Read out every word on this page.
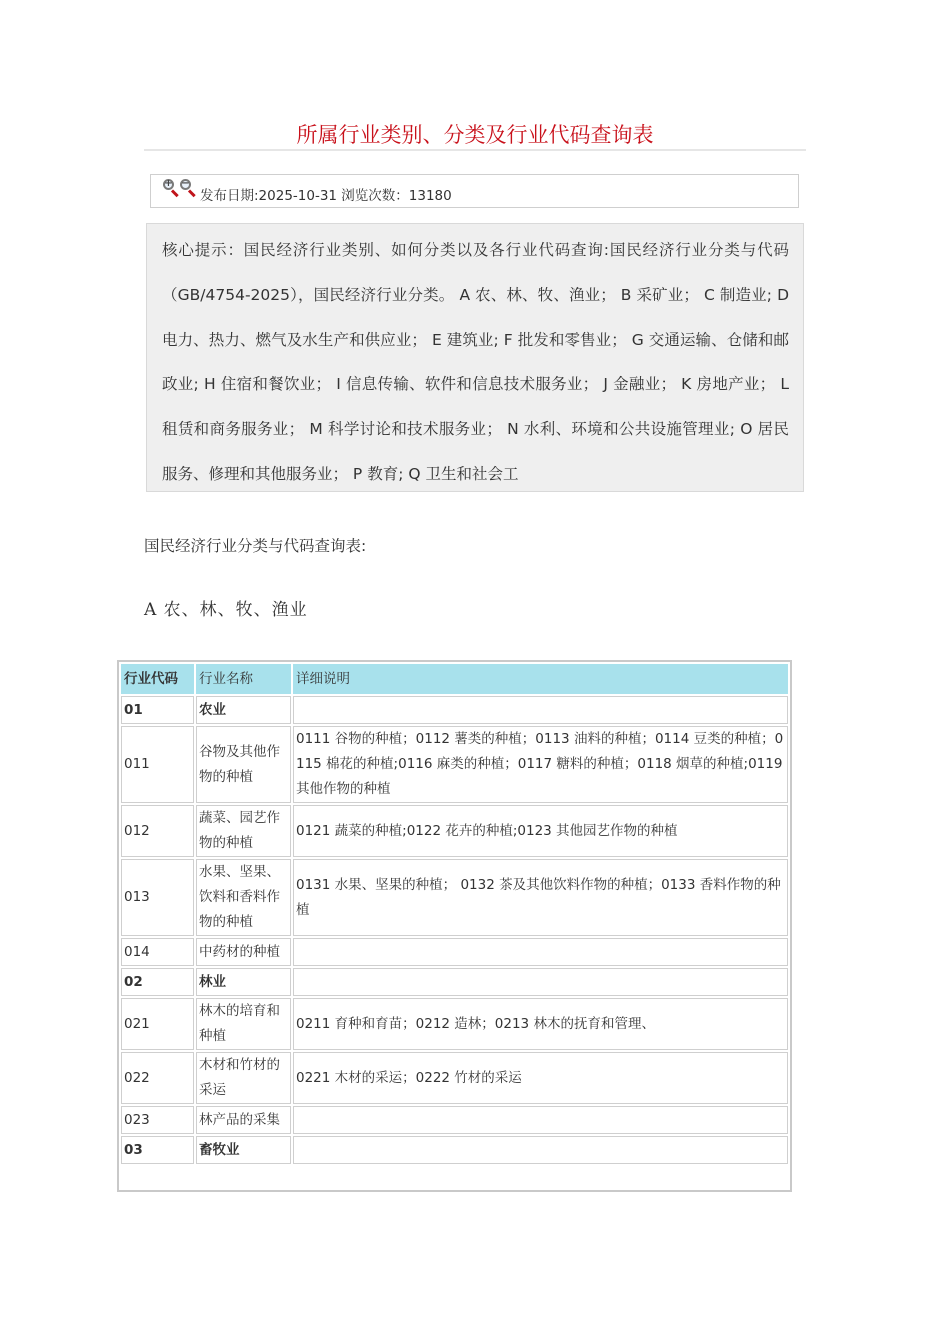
所属行业类别、分类及行业代码查询表
+ −
发布日期:2025-10-31 浏览次数：13180
核心提示：国民经济行业类别、如何分类以及各行业代码查询:国民经济行业分类与代码（GB/4754-2025），国民经济行业分类。 A 农、林、牧、渔业； B 采矿业； C 制造业; D 电力、热力、燃气及水生产和供应业； E 建筑业; F 批发和零售业； G 交通运输、仓储和邮政业; H 住宿和餐饮业； I 信息传输、软件和信息技术服务业； J 金融业； K 房地产业； L 租赁和商务服务业； M 科学讨论和技术服务业； N 水利、环境和公共设施管理业; O 居民服务、修理和其他服务业； P 教育; Q 卫生和社会工
国民经济行业分类与代码查询表:
A 农、林、牧、渔业
行业代码	行业名称	详细说明
01	农业	
011	谷物及其他作物的种植	0111 谷物的种植；0112 薯类的种植；0113 油料的种植；0114 豆类的种植；0115 棉花的种植;0116 麻类的种植；0117 糖料的种植；0118 烟草的种植;0119 其他作物的种植
012	蔬菜、园艺作物的种植	0121 蔬菜的种植;0122 花卉的种植;0123 其他园艺作物的种植
013	水果、坚果、饮料和香料作物的种植	0131 水果、坚果的种植； 0132 茶及其他饮料作物的种植；0133 香料作物的种植
014	中药材的种植	
02	林业	
021	林木的培育和种植	0211 育种和育苗；0212 造林；0213 林木的抚育和管理、
022	木材和竹材的采运	0221 木材的采运；0222 竹材的采运
023	林产品的采集	
03	畜牧业	
